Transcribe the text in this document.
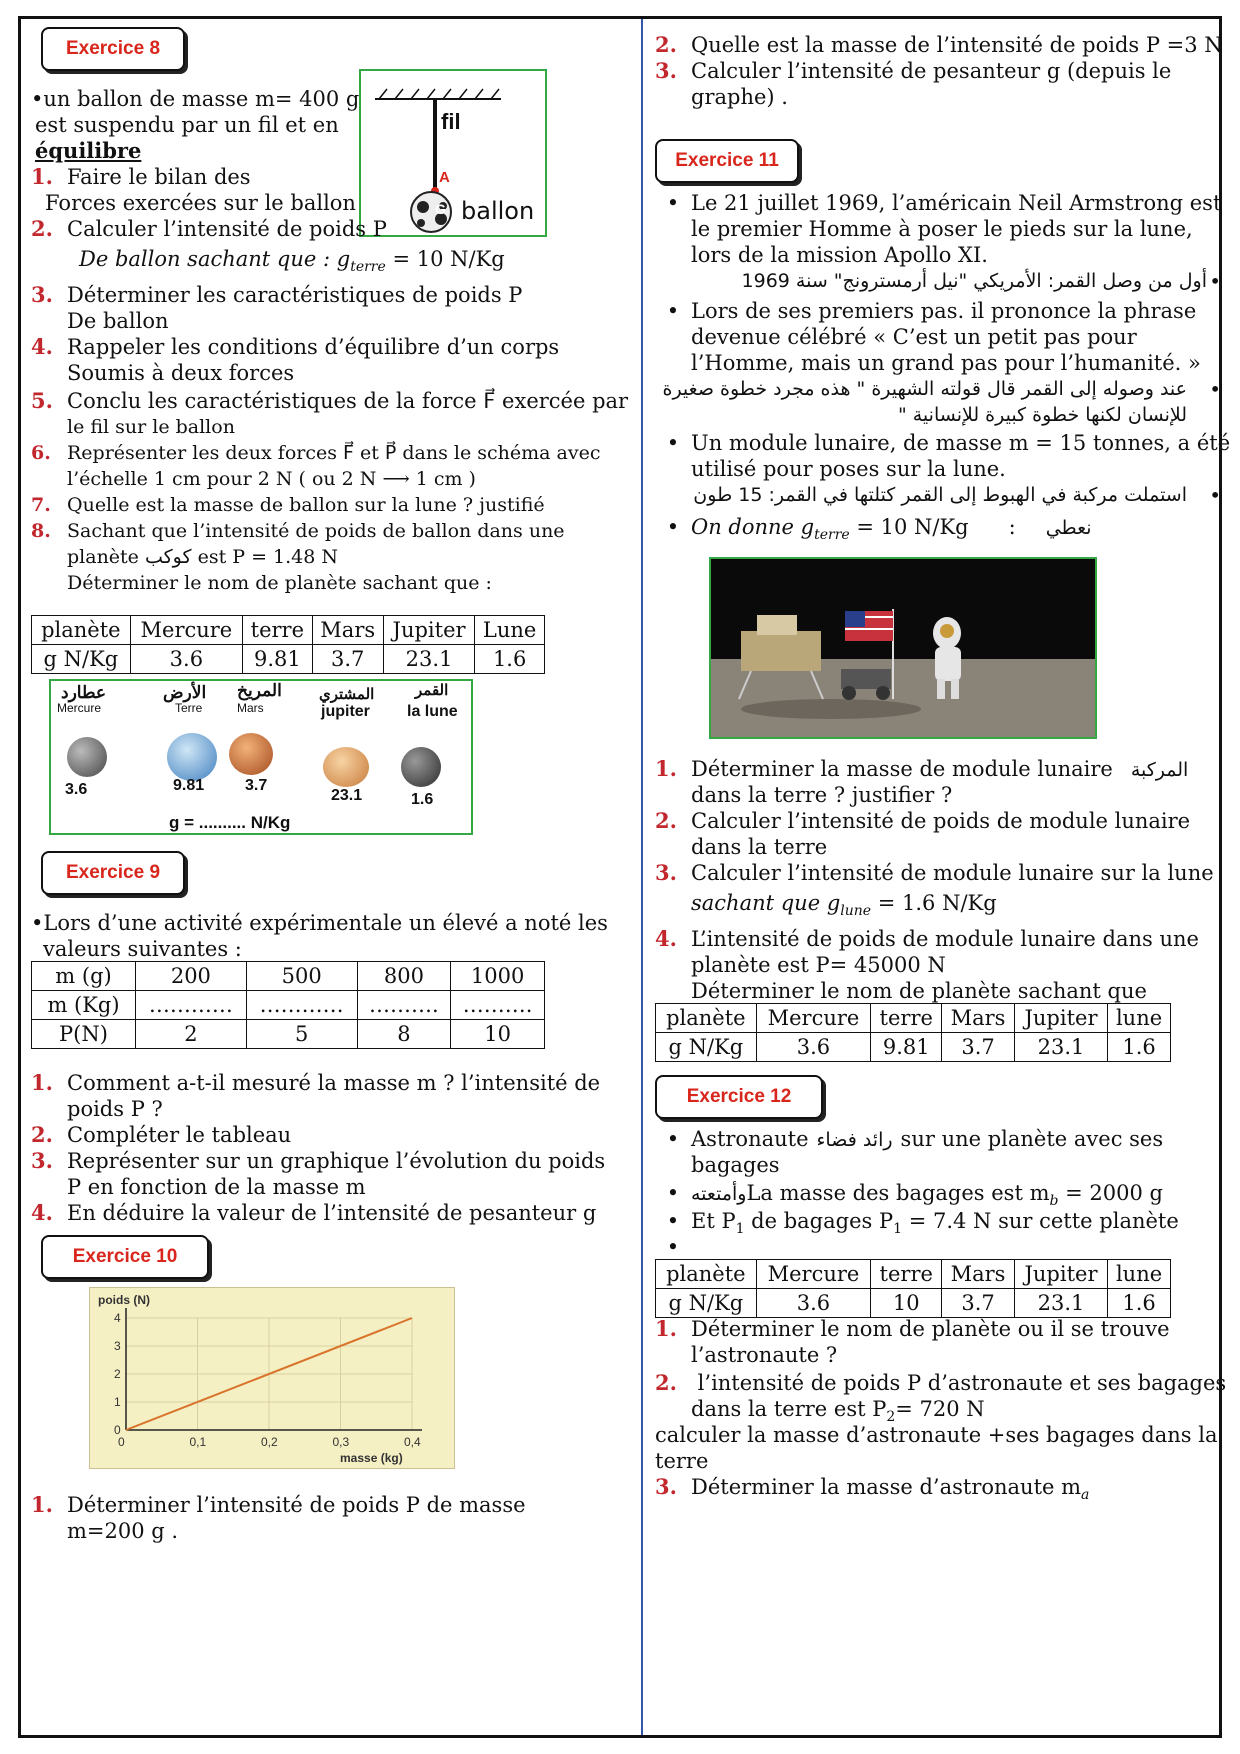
Exercice 8
•un ballon de masse m= 400 g
est suspendu par un fil et en
équilibre
fil
A
G ballon
1. Faire le bilan des
Forces exercées sur le ballon
2. Calculer l’intensité de poids P
De ballon sachant que : $g_{terre} = 10$ N/Kg
3. Déterminer les caractéristiques de poids P
De ballon
4. Rappeler les conditions d’équilibre d’un corps
Soumis à deux forces
5. Conclu les caractéristiques de la force F⃗ exercée par
le fil sur le ballon
6. Représenter les deux forces F⃗ et P⃗ dans le schéma avec
l’échelle 1 cm pour 2 N ( ou 2 N ⟶ 1 cm )
7. Quelle est la masse de ballon sur la lune ? justifié
8. Sachant que l’intensité de poids de ballon dans une
planète كوكب est P = 1.48 N
Déterminer le nom de planète sachant que :
planète	Mercure	terre	Mars	Jupiter	Lune
g N/Kg	3.6	9.81	3.7	23.1	1.6
عطارد
Mercure
3.6
الأرض
Terre
9.81
المريخ
Mars
3.7
المشتري
jupiter
23.1
القمر
la lune
1.6
g = .......... N/Kg
Exercice 9
•Lors d’une activité expérimentale un élevé a noté les
valeurs suivantes :
m (g)	200	500	800	1000
m (Kg)	…………	…………	……….	……….
P(N)	2	5	8	10
1. Comment a-t-il mesuré la masse m ? l’intensité de
poids P ?
2. Compléter le tableau
3. Représenter sur un graphique l’évolution du poids
P en fonction de la masse m
4. En déduire la valeur de l’intensité de pesanteur g
Exercice 10
0	0,1	0,2	0,3	0,4
0
1
2
3
4
poids (N)
masse (kg)
1. Déterminer l’intensité de poids P de masse
m=200 g .
2. Quelle est la masse de l’intensité de poids P =3 N
3. Calculer l’intensité de pesanteur g (depuis le
graphe) .
Exercice 11
• Le 21 juillet 1969, l’américain Neil Armstrong est
le premier Homme à poser le pieds sur la lune,
lors de la mission Apollo XI.
أول من وصل القمر: الأمريكي "نيل أرمسترونج" سنة 1969 •
• Lors de ses premiers pas. il prononce la phrase
devenue célébré « C’est un petit pas pour
l’Homme, mais un grand pas pour l’humanité. »
عند وصوله إلى القمر قال قولته الشهيرة " هذه مجرد خطوة صغيرة •
للإنسان لكنها خطوة كبيرة للإنسانية "
• Un module lunaire, de masse m = 15 tonnes, a été
utilisé pour poses sur la lune.
استملت مركبة في الهبوط إلى القمر كتلتها في القمر: 15 طون •
• On donne $g_{terre} = 10$ N/Kg : نعطي
1. Déterminer la masse de module lunaire المركبة
dans la terre ? justifier ?
2. Calculer l’intensité de poids de module lunaire
dans la terre
3. Calculer l’intensité de module lunaire sur la lune
sachant que $g_{lune} = 1.6$ N/Kg
4. L’intensité de poids de module lunaire dans une
planète est P= 45000 N
Déterminer le nom de planète sachant que
planète	Mercure	terre	Mars	Jupiter	lune
g N/Kg	3.6	9.81	3.7	23.1	1.6
Exercice 12
• Astronaute رائد فضاء sur une planète avec ses
bagages
• وأمتعتهLa masse des bagages est $m_b = 2000$ g
• Et $P_1$ de bagages $P_1 = 7.4$ N sur cette planète
•
planète	Mercure	terre	Mars	Jupiter	lune
g N/Kg	3.6	10	3.7	23.1	1.6
1. Déterminer le nom de planète ou il se trouve
l’astronaute ?
2. l’intensité de poids P d’astronaute et ses bagages
dans la terre est $P_2= 720$ N
calculer la masse d’astronaute +ses bagages dans la
terre
3. Déterminer la masse d’astronaute $m_a$
